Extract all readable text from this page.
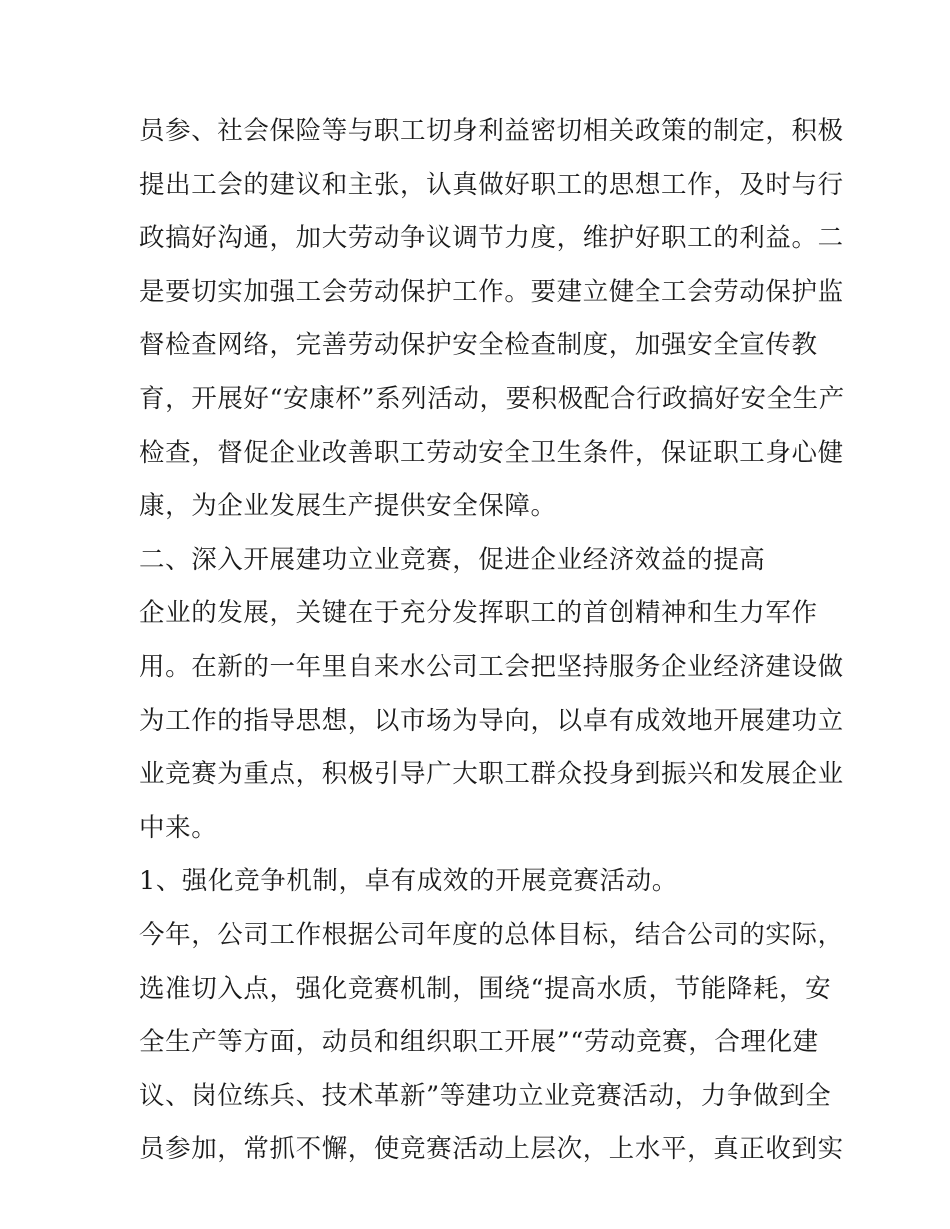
员参、社会保险等与职工切身利益密切相关政策的制定，积极
提出工会的建议和主张，认真做好职工的思想工作，及时与行
政搞好沟通，加大劳动争议调节力度，维护好职工的利益。二
是要切实加强工会劳动保护工作。要建立健全工会劳动保护监
督检查网络，完善劳动保护安全检查制度，加强安全宣传教
育，开展好“安康杯”系列活动，要积极配合行政搞好安全生产
检查，督促企业改善职工劳动安全卫生条件，保证职工身心健
康，为企业发展生产提供安全保障。
二、深入开展建功立业竞赛，促进企业经济效益的提高
企业的发展，关键在于充分发挥职工的首创精神和生力军作
用。在新的一年里自来水公司工会把坚持服务企业经济建设做
为工作的指导思想，以市场为导向，以卓有成效地开展建功立
业竞赛为重点，积极引导广大职工群众投身到振兴和发展企业
中来。
1、强化竞争机制，卓有成效的开展竞赛活动。
今年，公司工作根据公司年度的总体目标，结合公司的实际，
选准切入点，强化竞赛机制，围绕“提高水质，节能降耗，安
全生产等方面，动员和组织职工开展”“劳动竞赛，合理化建
议、岗位练兵、技术革新”等建功立业竞赛活动，力争做到全
员参加，常抓不懈，使竞赛活动上层次，上水平，真正收到实
